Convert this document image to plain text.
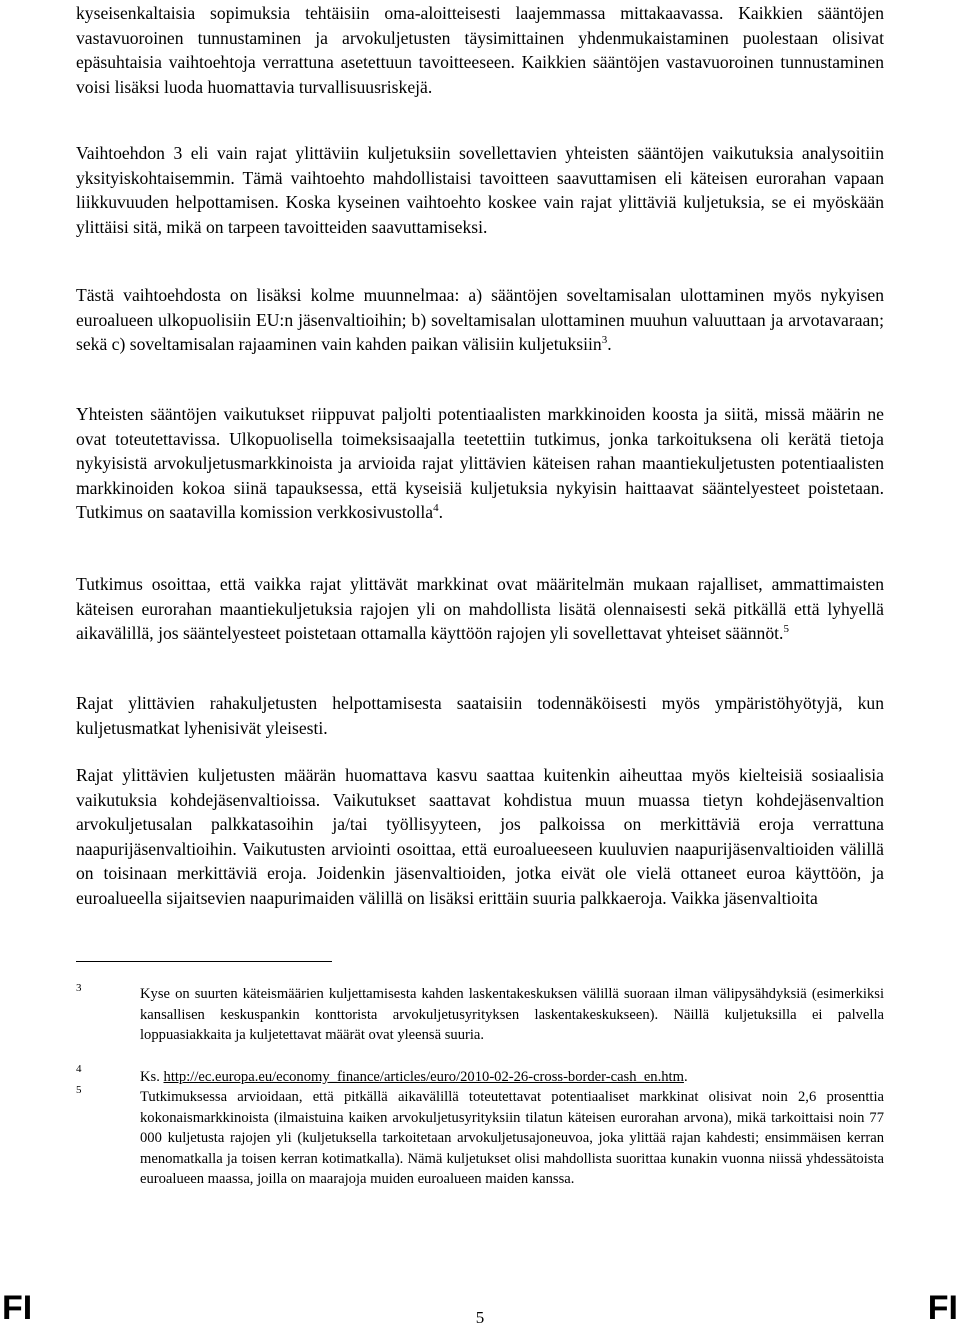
kyseisenkaltaisia sopimuksia tehtäisiin oma-aloitteisesti laajemmassa mittakaavassa. Kaikkien sääntöjen vastavuoroinen tunnustaminen ja arvokuljetusten täysimittainen yhdenmukaistaminen puolestaan olisivat epäsuhtaisia vaihtoehtoja verrattuna asetettuun tavoitteeseen. Kaikkien sääntöjen vastavuoroinen tunnustaminen voisi lisäksi luoda huomattavia turvallisuusriskejä.

Vaihtoehdon 3 eli vain rajat ylittäviin kuljetuksiin sovellettavien yhteisten sääntöjen vaikutuksia analysoitiin yksityiskohtaisemmin. Tämä vaihtoehto mahdollistaisi tavoitteen saavuttamisen eli käteisen eurorahan vapaan liikkuvuuden helpottamisen. Koska kyseinen vaihtoehto koskee vain rajat ylittäviä kuljetuksia, se ei myöskään ylittäisi sitä, mikä on tarpeen tavoitteiden saavuttamiseksi.

Tästä vaihtoehdosta on lisäksi kolme muunnelmaa: a) sääntöjen soveltamisalan ulottaminen myös nykyisen euroalueen ulkopuolisiin EU:n jäsenvaltioihin; b) soveltamisalan ulottaminen muuhun valuuttaan ja arvotavaraan; sekä c) soveltamisalan rajaaminen vain kahden paikan välisiin kuljetuksiin$^3$.

Yhteisten sääntöjen vaikutukset riippuvat paljolti potentiaalisten markkinoiden koosta ja siitä, missä määrin ne ovat toteutettavissa. Ulkopuolisella toimeksisaajalla teetettiin tutkimus, jonka tarkoituksena oli kerätä tietoja nykyisistä arvokuljetusmarkkinoista ja arvioida rajat ylittävien käteisen rahan maantiekuljetusten potentiaalisten markkinoiden kokoa siinä tapauksessa, että kyseisiä kuljetuksia nykyisin haittaavat sääntelyesteet poistetaan. Tutkimus on saatavilla komission verkkosivustolla$^4$.

Tutkimus osoittaa, että vaikka rajat ylittävät markkinat ovat määritelmän mukaan rajalliset, ammattimaisten käteisen eurorahan maantiekuljetuksia rajojen yli on mahdollista lisätä olennaisesti sekä pitkällä että lyhyellä aikavälillä, jos sääntelyesteet poistetaan ottamalla käyttöön rajojen yli sovellettavat yhteiset säännöt.$^5$

Rajat ylittävien rahakuljetusten helpottamisesta saataisiin todennäköisesti myös ympäristöhyötyjä, kun kuljetusmatkat lyhenisivät yleisesti.

Rajat ylittävien kuljetusten määrän huomattava kasvu saattaa kuitenkin aiheuttaa myös kielteisiä sosiaalisia vaikutuksia kohdejäsenvaltioissa. Vaikutukset saattavat kohdistua muun muassa tietyn kohdejäsenvaltion arvokuljetusalan palkkatasoihin ja/tai työllisyyteen, jos palkoissa on merkittäviä eroja verrattuna naapurijäsenvaltioihin. Vaikutusten arviointi osoittaa, että euroalueeseen kuuluvien naapurijäsenvaltioiden välillä on toisinaan merkittäviä eroja. Joidenkin jäsenvaltioiden, jotka eivät ole vielä ottaneet euroa käyttöön, ja euroalueella sijaitsevien naapurimaiden välillä on lisäksi erittäin suuria palkkaeroja. Vaikka jäsenvaltioita

3	Kyse on suurten käteismäärien kuljettamisesta kahden laskentakeskuksen välillä suoraan ilman välipysähdyksiä (esimerkiksi kansallisen keskuspankin konttorista arvokuljetusyrityksen laskentakeskukseen). Näillä kuljetuksilla ei palvella loppuasiakkaita ja kuljetettavat määrät ovat yleensä suuria.

4	Ks. http://ec.europa.eu/economy_finance/articles/euro/2010-02-26-cross-border-cash_en.htm.

5	Tutkimuksessa arvioidaan, että pitkällä aikavälillä toteutettavat potentiaaliset markkinat olisivat noin 2,6 prosenttia kokonaismarkkinoista (ilmaistuina kaiken arvokuljetusyrityksiin tilatun käteisen eurorahan arvona), mikä tarkoittaisi noin 77 000 kuljetusta rajojen yli (kuljetuksella tarkoitetaan arvokuljetusajoneuvoa, joka ylittää rajan kahdesti; ensimmäisen kerran menomatkalla ja toisen kerran kotimatkalla). Nämä kuljetukset olisi mahdollista suorittaa kunakin vuonna niissä yhdessätoista euroalueen maassa, joilla on maarajoja muiden euroalueen maiden kanssa.

FI	5	FI
